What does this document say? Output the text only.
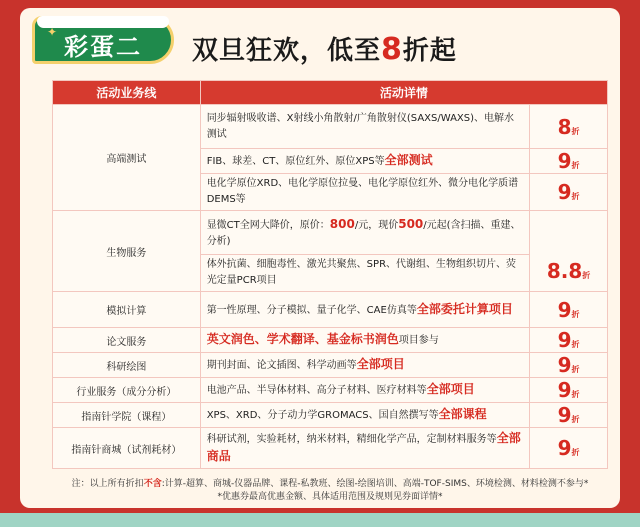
✦
彩蛋二 双旦狂欢，低至8折起
活动业务线	活动详情	
高端测试	同步辐射吸收谱、X射线小角散射/广角散射仪(SAXS/WAXS)、电解水测试	8折
	FIB、球差、CT、原位红外、原位XPS等全部测试	9折
	电化学原位XRD、电化学原位拉曼、电化学原位红外、微分电化学质谱DEMS等	9折
生物服务	显微CT全网大降价，原价：800/元，现价500/元起(含扫描、重建、分析)	8.8折
	体外抗菌、细胞毒性、激光共聚焦、SPR、代谢组、生物组织切片、荧光定量PCR项目	
模拟计算	第一性原理、分子模拟、量子化学、CAE仿真等全部委托计算项目	9折
论文服务	英文润色、学术翻译、基金标书润色项目参与	9折
科研绘图	期刊封面、论文插图、科学动画等全部项目	9折
行业服务（成分分析）	电池产品、半导体材料、高分子材料、医疗材料等全部项目	9折
指南针学院（课程）	XPS、XRD、分子动力学GROMACS、国自然撰写等全部课程	9折
指南针商城（试剂耗材）	科研试剂，实验耗材，纳米材料，精细化学产品，定制材料服务等全部商品	9折
注：以上所有折扣不含:计算-超算、商城-仪器品牌、课程-私教班、绘图-绘图培训、高端-TOF-SIMS、环境检测、材料检测不参与*
*优惠券最高优惠金额、具体适用范围及规则见券面详情*
